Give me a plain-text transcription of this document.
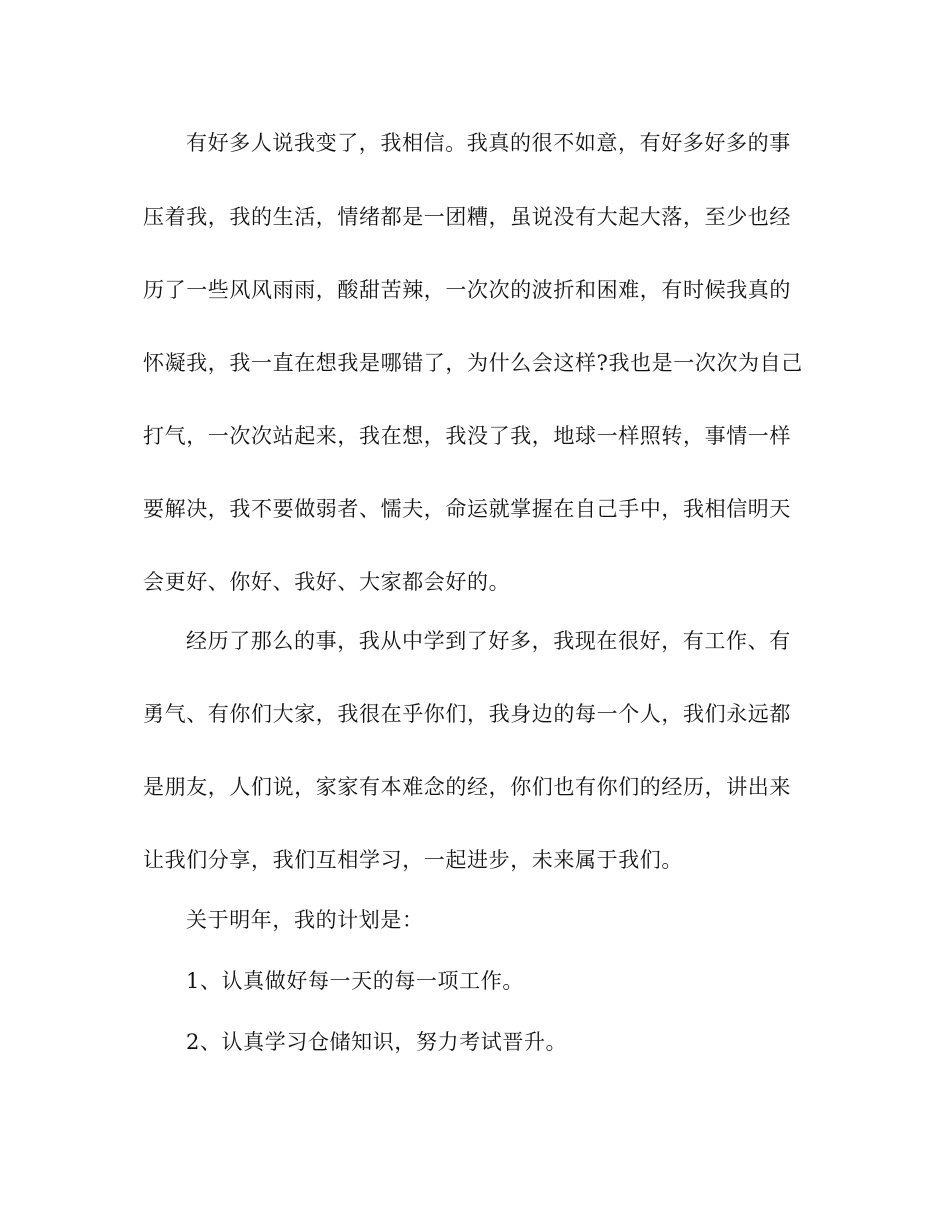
有好多人说我变了，我相信。我真的很不如意，有好多好多的事
压着我，我的生活，情绪都是一团糟，虽说没有大起大落，至少也经
历了一些风风雨雨，酸甜苦辣，一次次的波折和困难，有时候我真的
怀凝我，我一直在想我是哪错了，为什么会这样?我也是一次次为自己
打气，一次次站起来，我在想，我没了我，地球一样照转，事情一样
要解决，我不要做弱者、懦夫，命运就掌握在自己手中，我相信明天
会更好、你好、我好、大家都会好的。
经历了那么的事，我从中学到了好多，我现在很好，有工作、有
勇气、有你们大家，我很在乎你们，我身边的每一个人，我们永远都
是朋友，人们说，家家有本难念的经，你们也有你们的经历，讲出来
让我们分享，我们互相学习，一起进步，未来属于我们。
关于明年，我的计划是：
1、认真做好每一天的每一项工作。
2、认真学习仓储知识，努力考试晋升。
